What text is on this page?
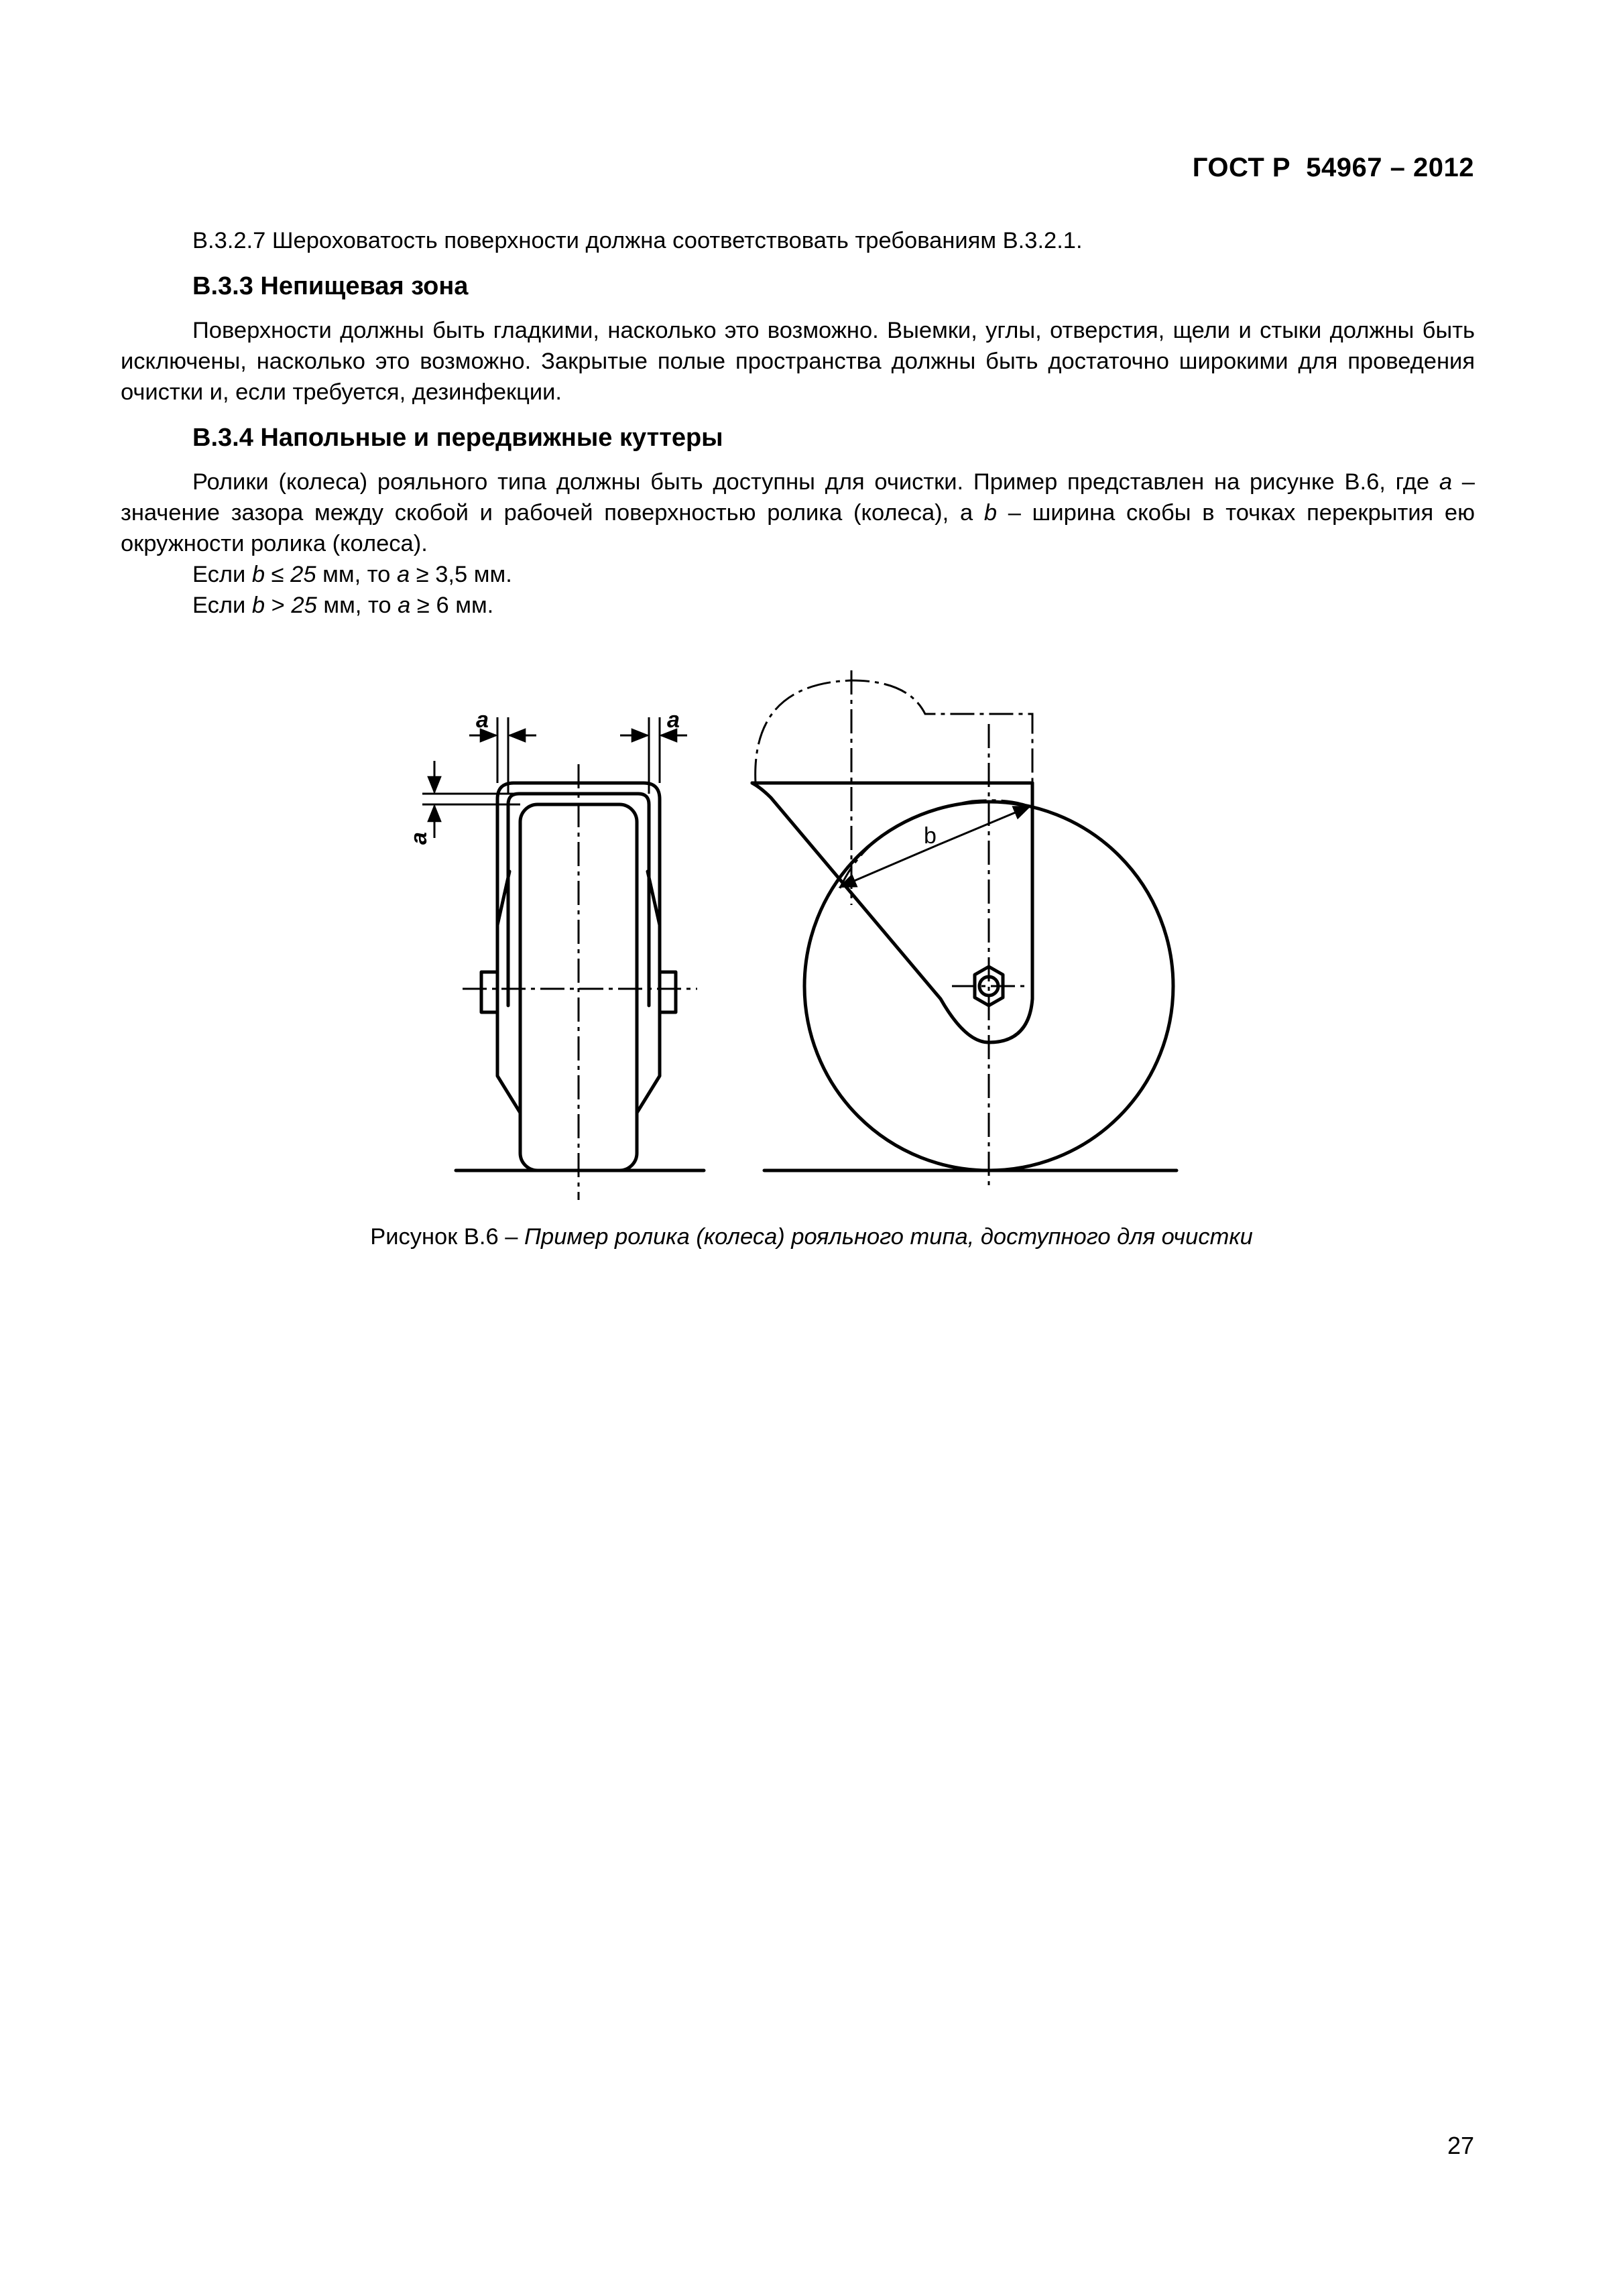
ГОСТ Р  54967 – 2012

В.3.2.7 Шероховатость поверхности должна соответствовать требованиям В.3.2.1.

В.3.3 Непищевая зона

Поверхности должны быть гладкими, насколько это возможно. Выемки, углы, отверстия, щели и стыки должны быть исключены, насколько это возможно. Закрытые полые пространства должны быть достаточно широкими для проведения очистки и, если требуется, дезинфекции.

В.3.4 Напольные и передвижные куттеры

Ролики (колеса) рояльного типа должны быть доступны для очистки. Пример представлен на рисунке В.6, где a – значение зазора между скобой и рабочей поверхностью ролика (колеса), а b – ширина скобы в точках перекрытия ею окружности ролика (колеса).

Если b ≤ 25 мм, то a ≥ 3,5 мм.

Если b > 25 мм, то a ≥ 6 мм.

a	a
a	b
Рисунок В.6 – Пример ролика (колеса) рояльного типа, доступного для очистки
27
